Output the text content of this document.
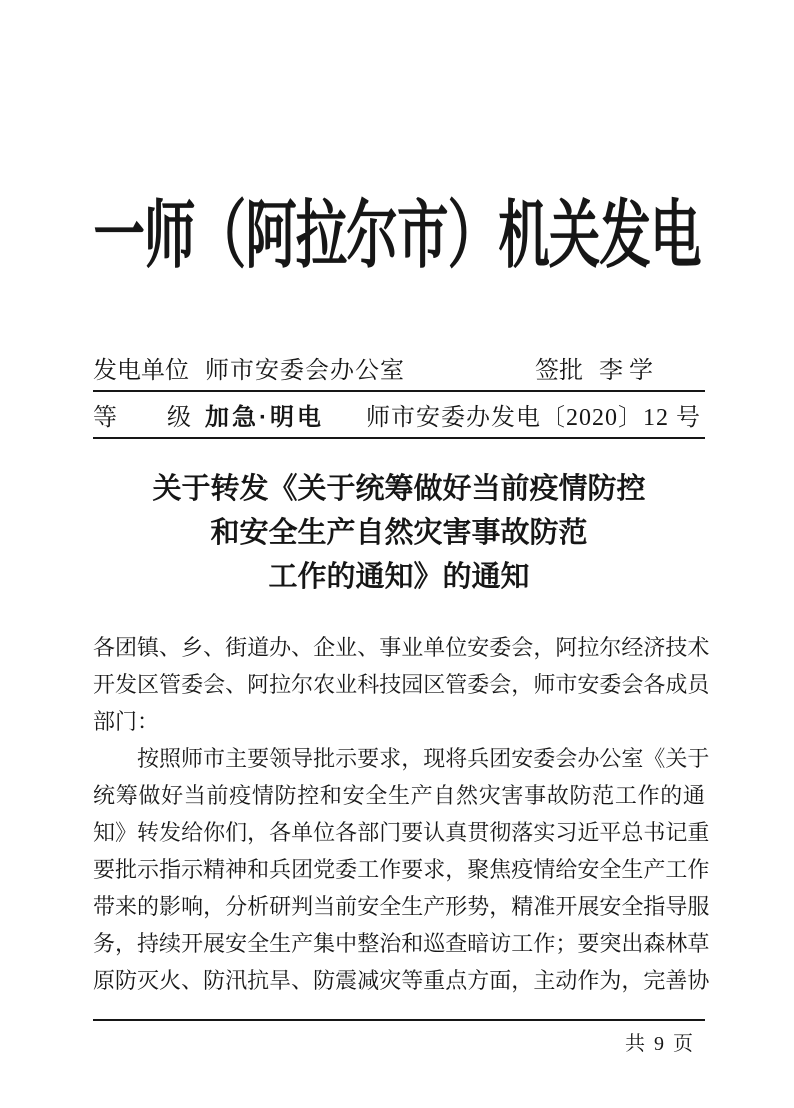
一师（阿拉尔市）机关发电
发电单位 师市安委会办公室	签批 李 学
等 级 加急·明电 师市安委办发电〔2020〕12 号
关于转发《关于统筹做好当前疫情防控
和安全生产自然灾害事故防范
工作的通知》的通知
各 团 镇 、 乡 、 街 道 办 、 企 业 、 事 业 单 位 安 委 会 ， 阿 拉 尔 经 济 技 术
开 发 区 管 委 会 、 阿 拉 尔 农 业 科 技 园 区 管 委 会 ， 师 市 安 委 会 各 成 员
部门：
按 照 师 市 主 要 领 导 批 示 要 求 ， 现 将 兵 团 安 委 会 办 公 室 《 关 于
统 筹 做 好 当 前 疫 情 防 控 和 安 全 生 产 自 然 灾 害 事 故 防 范 工 作 的 通
知 》 转 发 给 你 们 ， 各 单 位 各 部 门 要 认 真 贯 彻 落 实 习 近 平 总 书 记 重
要 批 示 指 示 精 神 和 兵 团 党 委 工 作 要 求 ， 聚 焦 疫 情 给 安 全 生 产 工 作
带 来 的 影 响 ， 分 析 研 判 当 前 安 全 生 产 形 势 ， 精 准 开 展 安 全 指 导 服
务 ， 持 续 开 展 安 全 生 产 集 中 整 治 和 巡 查 暗 访 工 作 ； 要 突 出 森 林 草
原 防 灭 火 、 防 汛 抗 旱 、 防 震 减 灾 等 重 点 方 面 ， 主 动 作 为 ， 完 善 协
共 9 页
